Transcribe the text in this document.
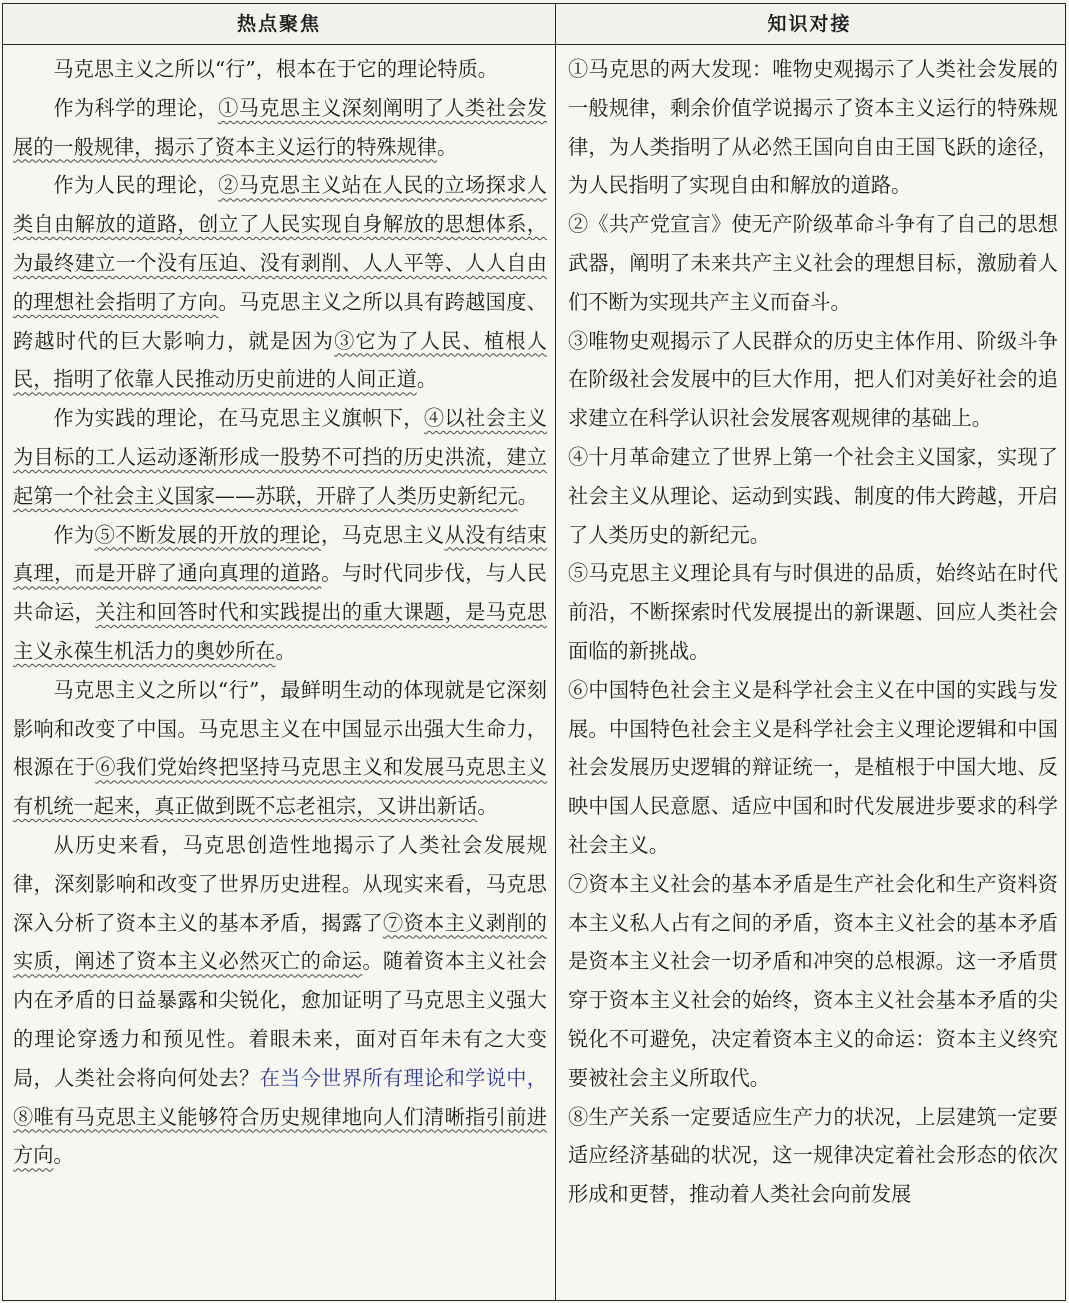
热点聚焦	知识对接

马克思主义之所以“行”，根本在于它的理论特质。

作为科学的理论，①马克思主义深刻阐明了人类社会发展的一般规律，揭示了资本主义运行的特殊规律。

作为人民的理论，②马克思主义站在人民的立场探求人类自由解放的道路，创立了人民实现自身解放的思想体系，为最终建立一个没有压迫、没有剥削、人人平等、人人自由的理想社会指明了方向。马克思主义之所以具有跨越国度、跨越时代的巨大影响力，就是因为③它为了人民、植根人民，指明了依靠人民推动历史前进的人间正道。

作为实践的理论，在马克思主义旗帜下，④以社会主义为目标的工人运动逐渐形成一股势不可挡的历史洪流，建立起第一个社会主义国家——苏联，开辟了人类历史新纪元。

作为⑤不断发展的开放的理论，马克思主义从没有结束真理，而是开辟了通向真理的道路。与时代同步伐，与人民共命运，关注和回答时代和实践提出的重大课题，是马克思主义永葆生机活力的奥妙所在。

马克思主义之所以“行”，最鲜明生动的体现就是它深刻影响和改变了中国。马克思主义在中国显示出强大生命力，根源在于⑥我们党始终把坚持马克思主义和发展马克思主义有机统一起来，真正做到既不忘老祖宗，又讲出新话。

从历史来看，马克思创造性地揭示了人类社会发展规律，深刻影响和改变了世界历史进程。从现实来看，马克思深入分析了资本主义的基本矛盾，揭露了⑦资本主义剥削的实质，阐述了资本主义必然灭亡的命运。随着资本主义社会内在矛盾的日益暴露和尖锐化，愈加证明了马克思主义强大的理论穿透力和预见性。着眼未来，面对百年未有之大变局，人类社会将向何处去？在当今世界所有理论和学说中，⑧唯有马克思主义能够符合历史规律地向人们清晰指引前进方向。

①马克思的两大发现：唯物史观揭示了人类社会发展的一般规律，剩余价值学说揭示了资本主义运行的特殊规律，为人类指明了从必然王国向自由王国飞跃的途径，为人民指明了实现自由和解放的道路。

②《共产党宣言》使无产阶级革命斗争有了自己的思想武器，阐明了未来共产主义社会的理想目标，激励着人们不断为实现共产主义而奋斗。

③唯物史观揭示了人民群众的历史主体作用、阶级斗争在阶级社会发展中的巨大作用，把人们对美好社会的追求建立在科学认识社会发展客观规律的基础上。

④十月革命建立了世界上第一个社会主义国家，实现了社会主义从理论、运动到实践、制度的伟大跨越，开启了人类历史的新纪元。

⑤马克思主义理论具有与时俱进的品质，始终站在时代前沿，不断探索时代发展提出的新课题、回应人类社会面临的新挑战。

⑥中国特色社会主义是科学社会主义在中国的实践与发展。中国特色社会主义是科学社会主义理论逻辑和中国社会发展历史逻辑的辩证统一，是植根于中国大地、反映中国人民意愿、适应中国和时代发展进步要求的科学社会主义。

⑦资本主义社会的基本矛盾是生产社会化和生产资料资本主义私人占有之间的矛盾，资本主义社会的基本矛盾是资本主义社会一切矛盾和冲突的总根源。这一矛盾贯穿于资本主义社会的始终，资本主义社会基本矛盾的尖锐化不可避免，决定着资本主义的命运：资本主义终究要被社会主义所取代。

⑧生产关系一定要适应生产力的状况，上层建筑一定要适应经济基础的状况，这一规律决定着社会形态的依次形成和更替，推动着人类社会向前发展
